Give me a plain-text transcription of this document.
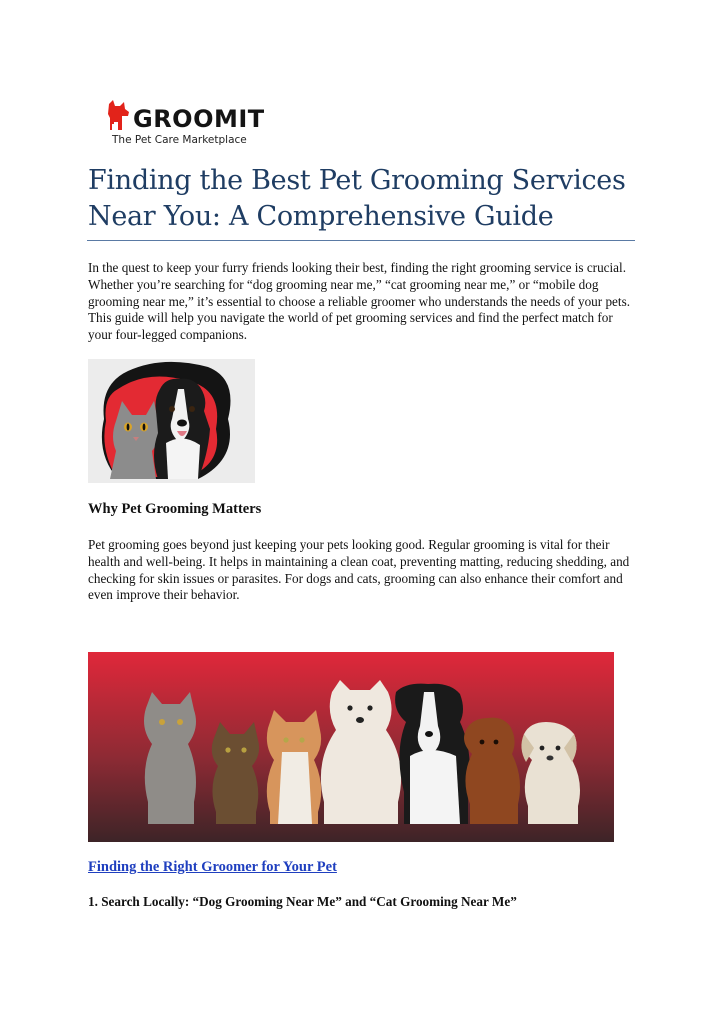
GROOMIT
The Pet Care Marketplace
Finding the Best Pet Grooming Services Near You: A Comprehensive Guide

In the quest to keep your furry friends looking their best, finding the right grooming service is crucial. Whether you’re searching for “dog grooming near me,” “cat grooming near me,” or “mobile dog grooming near me,” it’s essential to choose a reliable groomer who understands the needs of your pets. This guide will help you navigate the world of pet grooming services and find the perfect match for your four-legged companions.

Why Pet Grooming Matters

Pet grooming goes beyond just keeping your pets looking good. Regular grooming is vital for their health and well-being. It helps in maintaining a clean coat, preventing matting, reducing shedding, and checking for skin issues or parasites. For dogs and cats, grooming can also enhance their comfort and even improve their behavior.

Finding the Right Groomer for Your Pet
1. Search Locally: “Dog Grooming Near Me” and “Cat Grooming Near Me”
